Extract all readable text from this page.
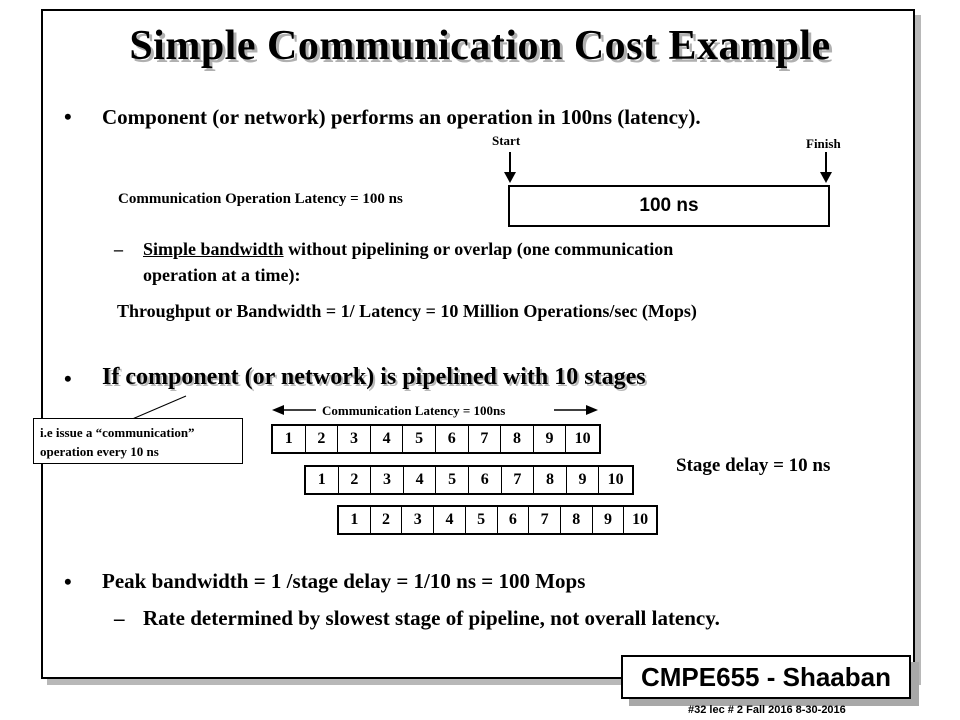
Simple Communication Cost Example
• Component (or network) performs an operation in 100ns (latency).
Start	Finish
Communication Operation Latency = 100 ns	100 ns
– Simple bandwidth without pipelining or overlap (one communication
operation at a time):
Throughput or Bandwidth = 1/ Latency = 10 Million Operations/sec (Mops)
• If component (or network) is pipelined with 10 stages
Communication Latency = 100ns
1	2	3	4	5	6	7	8	9	10
1	2	3	4	5	6	7	8	9	10
1	2	3	4	5	6	7	8	9	10
Stage delay = 10 ns
i.e issue a “communication”
operation every 10 ns
• Peak bandwidth = 1 /stage delay = 1/10 ns = 100 Mops
– Rate determined by slowest stage of pipeline, not overall latency.
CMPE655 - Shaaban
#32 lec # 2 Fall 2016 8-30-2016
